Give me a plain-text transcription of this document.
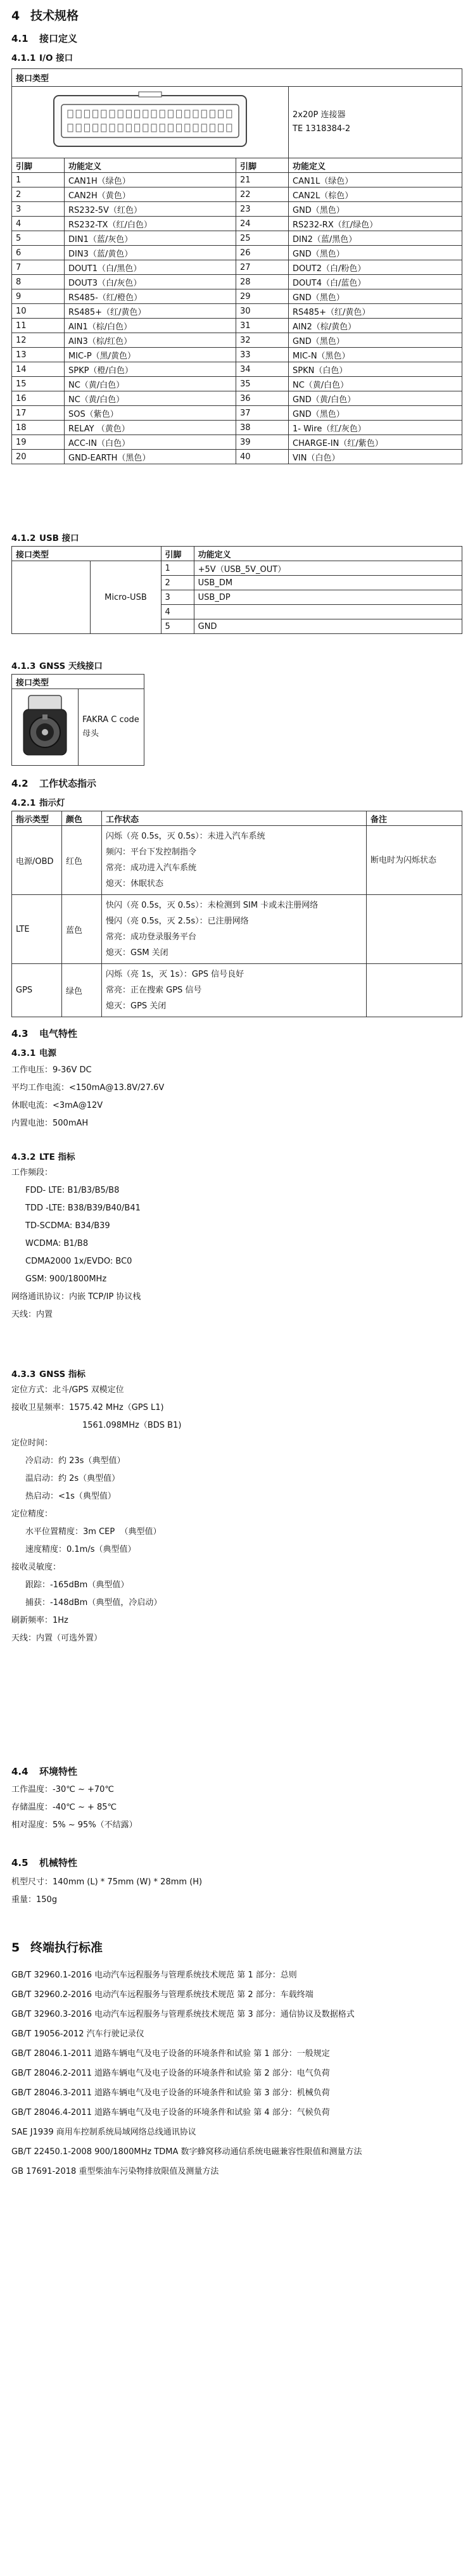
4 技术规格
4.1 接口定义
4.1.1 I/O 接口
接口类型			

2x20P 连接器
TE 1318384-2

引脚	功能定义	引脚	功能定义
1	CAN1H（绿色）	21	CAN1L（绿色）
2	CAN2H（黄色）	22	CAN2L（棕色）
3	RS232-5V（红色）	23	GND（黑色）
4	RS232-TX（红/白色）	24	RS232-RX（红/绿色）
5	DIN1（蓝/灰色）	25	DIN2（蓝/黑色）
6	DIN3（蓝/黄色）	26	GND（黑色）
7	DOUT1（白/黑色）	27	DOUT2（白/粉色）
8	DOUT3（白/灰色）	28	DOUT4（白/蓝色）
9	RS485-（红/橙色）	29	GND（黑色）
10	RS485+（红/黄色）	30	RS485+（红/黄色）
11	AIN1（棕/白色）	31	AIN2（棕/黄色）
12	AIN3（棕/红色）	32	GND（黑色）
13	MIC-P（黑/黄色）	33	MIC-N（黑色）
14	SPKP（橙/白色）	34	SPKN（白色）
15	NC（黄/白色）	35	NC（黄/白色）
16	NC（黄/白色）	36	GND（黄/白色）
17	SOS（紫色）	37	GND（黑色）
18	RELAY （黄色）	38	1- Wire（红/灰色）
19	ACC-IN（白色）	39	CHARGE-IN（红/紫色）
20	GND-EARTH（黑色）	40	VIN（白色）
4.1.2 USB 接口
接口类型		引脚	功能定义
	Micro-USB	1	+5V（USB_5V_OUT）
		2	USB_DM
		3	USB_DP
		4	
		5	GND
4.1.3 GNSS 天线接口
接口类型
	FAKRA C code 母头
4.2 工作状态指示
4.2.1 指示灯
指示类型	颜色	工作状态	备注
电源/OBD	红色	闪烁（亮 0.5s，灭 0.5s）：未进入汽车系统
频闪：平台下发控制指令
常亮：成功进入汽车系统
熄灭：休眠状态	断电时为闪烁状态
LTE	蓝色	快闪（亮 0.5s，灭 0.5s）：未检测到 SIM 卡或未注册网络
慢闪（亮 0.5s，灭 2.5s）：已注册网络
常亮：成功登录服务平台
熄灭：GSM 关闭	

GPS	绿色	闪烁（亮 1s，灭 1s）：GPS 信号良好
常亮：正在搜索 GPS 信号
熄灭：GPS 关闭	

4.3 电气特性
4.3.1 电源
工作电压：9-36V DC
平均工作电流：<150mA@13.8V/27.6V
休眠电流：<3mA@12V
内置电池：500mAH
4.3.2 LTE 指标
工作频段：
FDD- LTE: B1/B3/B5/B8
TDD -LTE: B38/B39/B40/B41
TD-SCDMA: B34/B39
WCDMA: B1/B8
CDMA2000 1x/EVDO: BC0
GSM: 900/1800MHz
网络通讯协议：内嵌 TCP/IP 协议栈
天线：内置
4.3.3 GNSS 指标
定位方式：北斗/GPS 双模定位
接收卫星频率：1575.42 MHz（GPS L1)
1561.098MHz（BDS B1)
定位时间：
冷启动：约 23s（典型值）
温启动：约 2s（典型值）
热启动：<1s（典型值）
定位精度：
水平位置精度：3m CEP  （典型值）
速度精度：0.1m/s（典型值）
接收灵敏度：
跟踪：-165dBm（典型值）
捕获：-148dBm（典型值，冷启动）
刷新频率：1Hz
天线：内置（可选外置）
4.4 环境特性
工作温度：-30℃ ~ +70℃
存储温度：-40℃ ~ + 85℃
相对湿度：5% ~ 95%（不结露）
4.5 机械特性
机型尺寸：140mm (L) * 75mm (W) * 28mm (H)
重量：150g
5 终端执行标准
GB/T 32960.1-2016 电动汽车远程服务与管理系统技术规范 第 1 部分：总则
GB/T 32960.2-2016 电动汽车远程服务与管理系统技术规范 第 2 部分：车载终端
GB/T 32960.3-2016 电动汽车远程服务与管理系统技术规范 第 3 部分：通信协议及数据格式
GB/T 19056-2012 汽车行驶记录仪
GB/T 28046.1-2011 道路车辆电气及电子设备的环境条件和试验 第 1 部分：一般规定
GB/T 28046.2-2011 道路车辆电气及电子设备的环境条件和试验 第 2 部分：电气负荷
GB/T 28046.3-2011 道路车辆电气及电子设备的环境条件和试验 第 3 部分：机械负荷
GB/T 28046.4-2011 道路车辆电气及电子设备的环境条件和试验 第 4 部分：气候负荷
SAE J1939 商用车控制系统局域网络总线通讯协议
GB/T 22450.1-2008 900/1800MHz TDMA 数字蜂窝移动通信系统电磁兼容性限值和测量方法
GB 17691-2018 重型柴油车污染物排放限值及测量方法
